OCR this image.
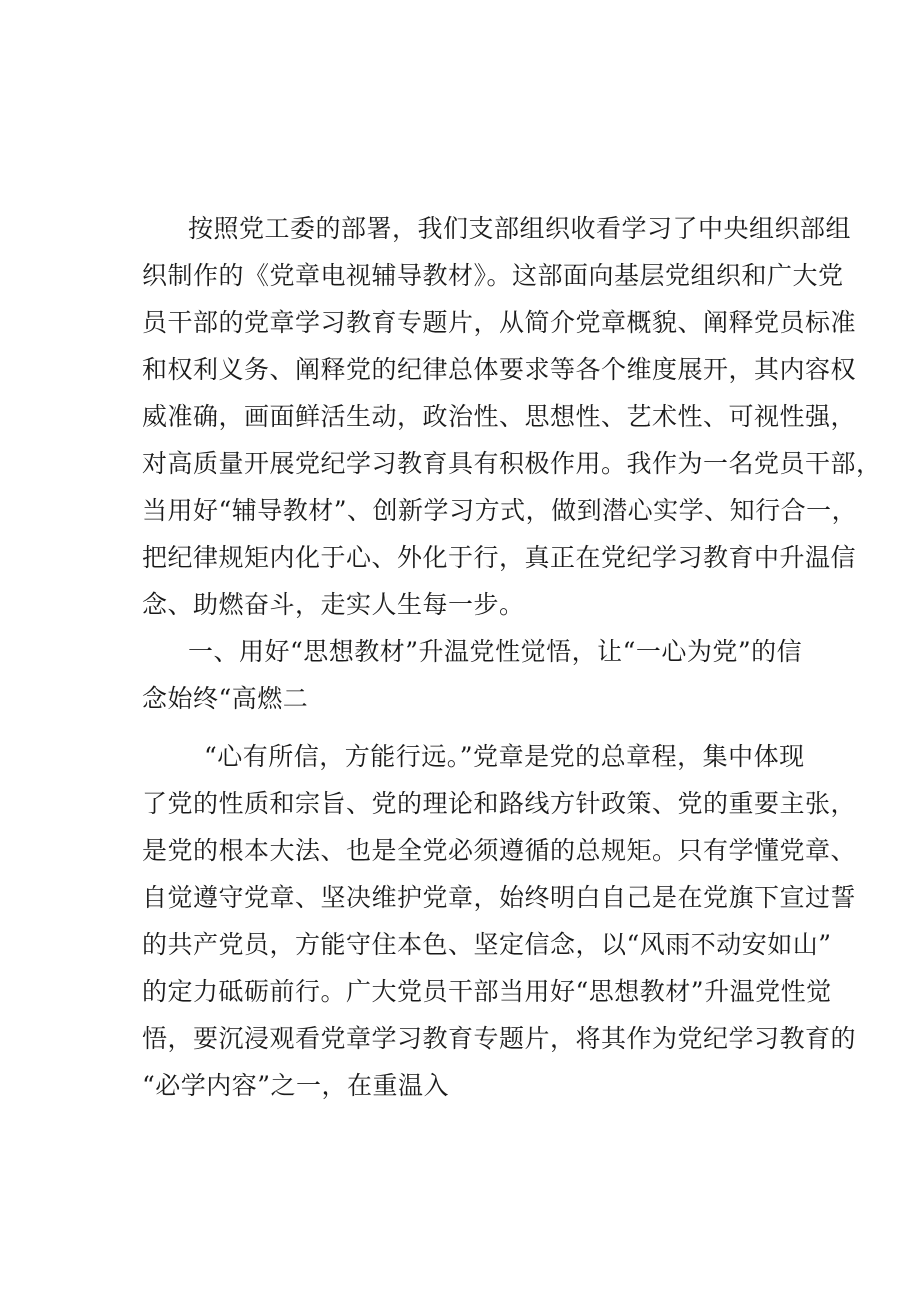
按照党工委的部署，我们支部组织收看学习了中央组织部组

织制作的《党章电视辅导教材》。这部面向基层党组织和广大党

员干部的党章学习教育专题片，从简介党章概貌、阐释党员标准

和权利义务、阐释党的纪律总体要求等各个维度展开，其内容权

威准确，画面鲜活生动，政治性、思想性、艺术性、可视性强，

对高质量开展党纪学习教育具有积极作用。我作为一名党员干部，

当用好“辅导教材”、创新学习方式，做到潜心实学、知行合一，

把纪律规矩内化于心、外化于行，真正在党纪学习教育中升温信

念、助燃奋斗，走实人生每一步。

一、用好“思想教材”升温党性觉悟，让“一心为党”的信

念始终“高燃二

“心有所信，方能行远。”党章是党的总章程，集中体现

了党的性质和宗旨、党的理论和路线方针政策、党的重要主张，

是党的根本大法、也是全党必须遵循的总规矩。只有学懂党章、

自觉遵守党章、坚决维护党章，始终明白自己是在党旗下宣过誓

的共产党员，方能守住本色、坚定信念，以“风雨不动安如山”

的定力砥砺前行。广大党员干部当用好“思想教材”升温党性觉

悟，要沉浸观看党章学习教育专题片，将其作为党纪学习教育的

“必学内容”之一，在重温入
